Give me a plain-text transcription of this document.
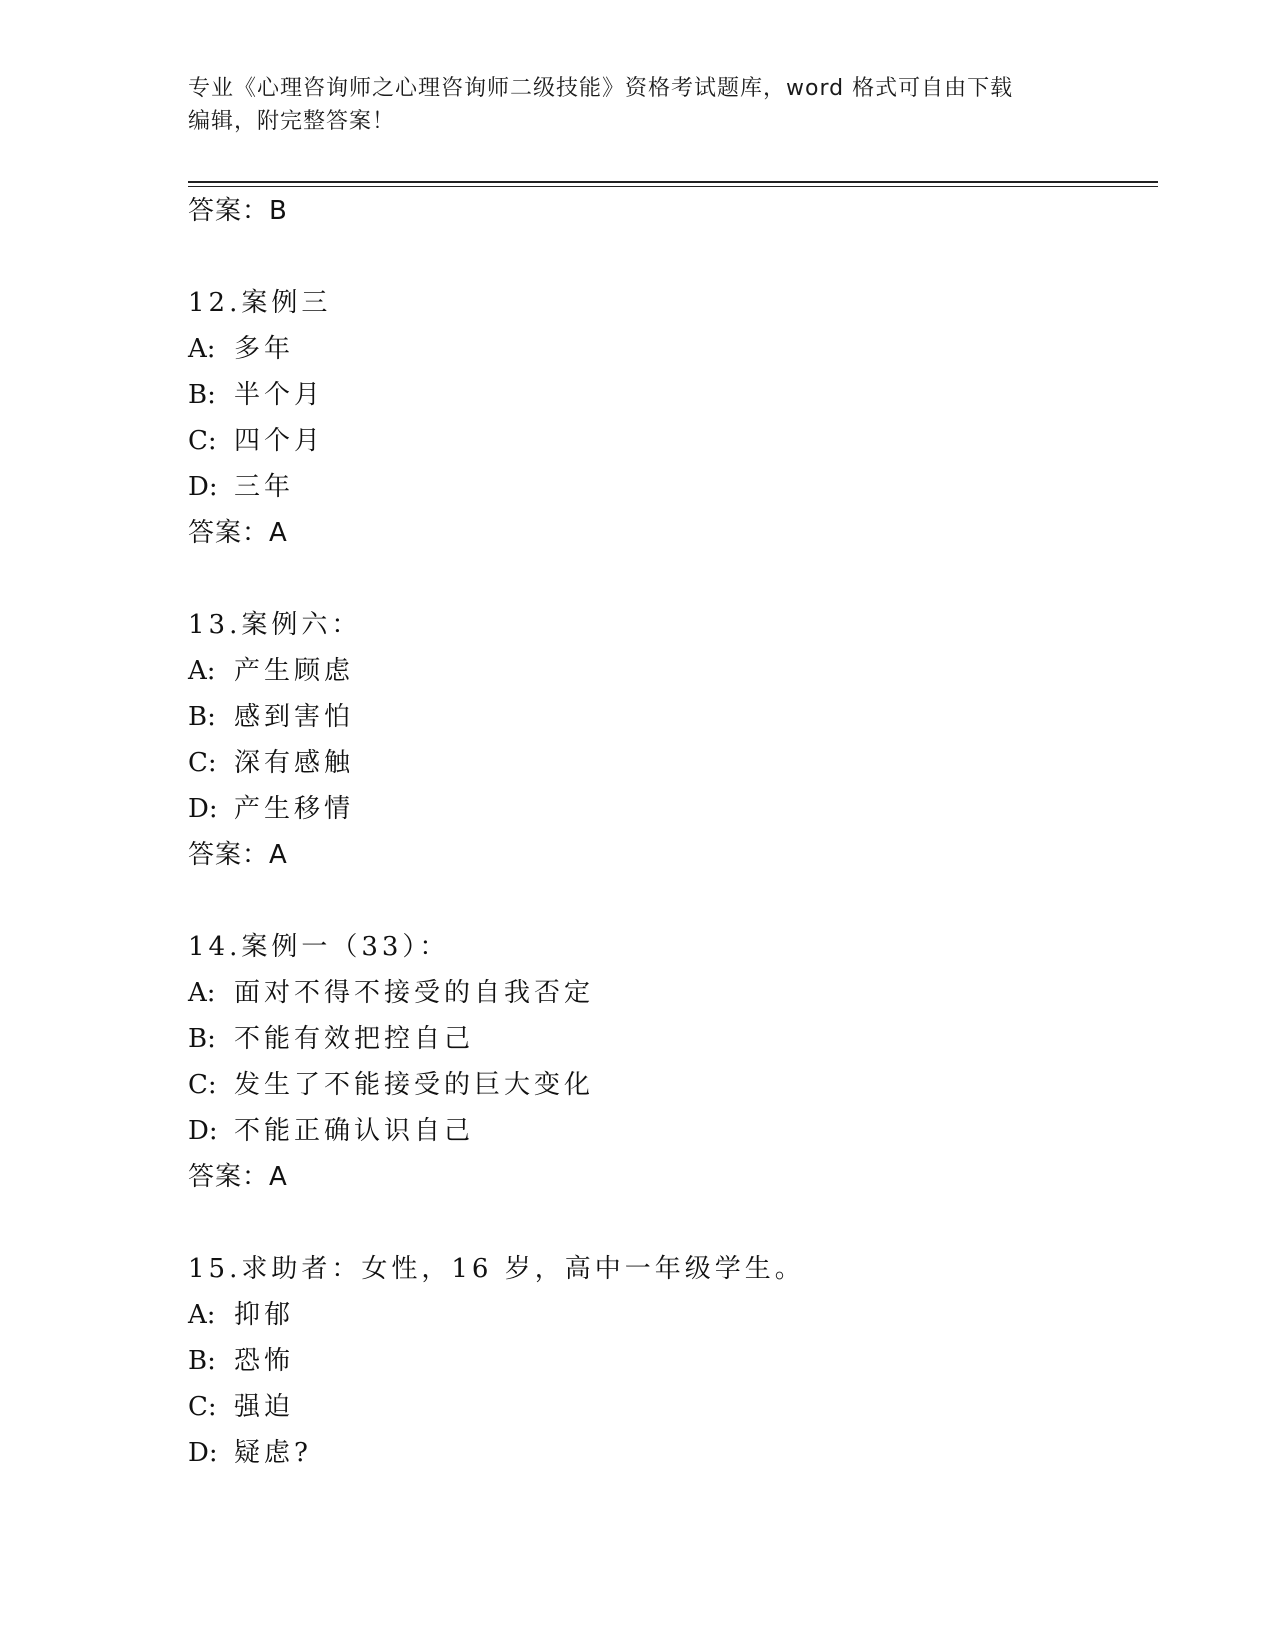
专业《心理咨询师之心理咨询师二级技能》资格考试题库，word 格式可自由下载
编辑，附完整答案！
答案：B
12.案例三
A: 多年
B: 半个月
C: 四个月
D: 三年
答案：A
13.案例六：
A: 产生顾虑
B: 感到害怕
C: 深有感触
D: 产生移情
答案：A
14.案例一（33）：
A: 面对不得不接受的自我否定
B: 不能有效把控自己
C: 发生了不能接受的巨大变化
D: 不能正确认识自己
答案：A
15.求助者：女性，16 岁，高中一年级学生。
A: 抑郁
B: 恐怖
C: 强迫
D: 疑虑?
